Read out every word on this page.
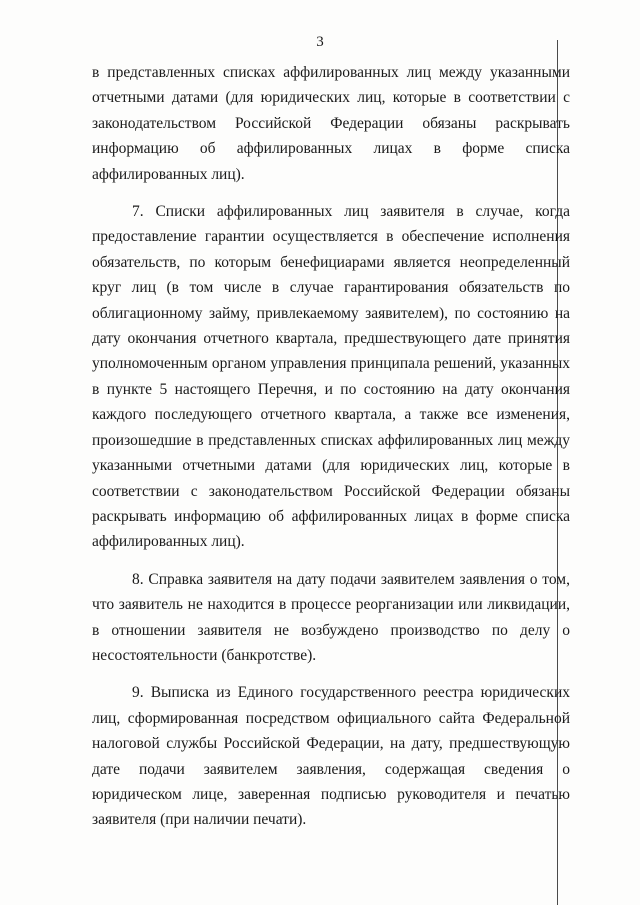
3

в представленных списках аффилированных лиц между указанными отчетными датами (для юридических лиц, которые в соответствии с законодательством Российской Федерации обязаны раскрывать информацию об аффилированных лицах в форме списка аффилированных лиц).

7. Списки аффилированных лиц заявителя в случае, когда предоставление гарантии осуществляется в обеспечение исполнения обязательств, по которым бенефициарами является неопределенный круг лиц (в том числе в случае гарантирования обязательств по облигационному займу, привлекаемому заявителем), по состоянию на дату окончания отчетного квартала, предшествующего дате принятия уполномоченным органом управления принципала решений, указанных в пункте 5 настоящего Перечня, и по состоянию на дату окончания каждого последующего отчетного квартала, а также все изменения, произошедшие в представленных списках аффилированных лиц между указанными отчетными датами (для юридических лиц, которые в соответствии с законодательством Российской Федерации обязаны раскрывать информацию об аффилированных лицах в форме списка аффилированных лиц).

8. Справка заявителя на дату подачи заявителем заявления о том, что заявитель не находится в процессе реорганизации или ликвидации, в отношении заявителя не возбуждено производство по делу о несостоятельности (банкротстве).

9. Выписка из Единого государственного реестра юридических лиц, сформированная посредством официального сайта Федеральной налоговой службы Российской Федерации, на дату, предшествующую дате подачи заявителем заявления, содержащая сведения о юридическом лице, заверенная подписью руководителя и печатью заявителя (при наличии печати).
